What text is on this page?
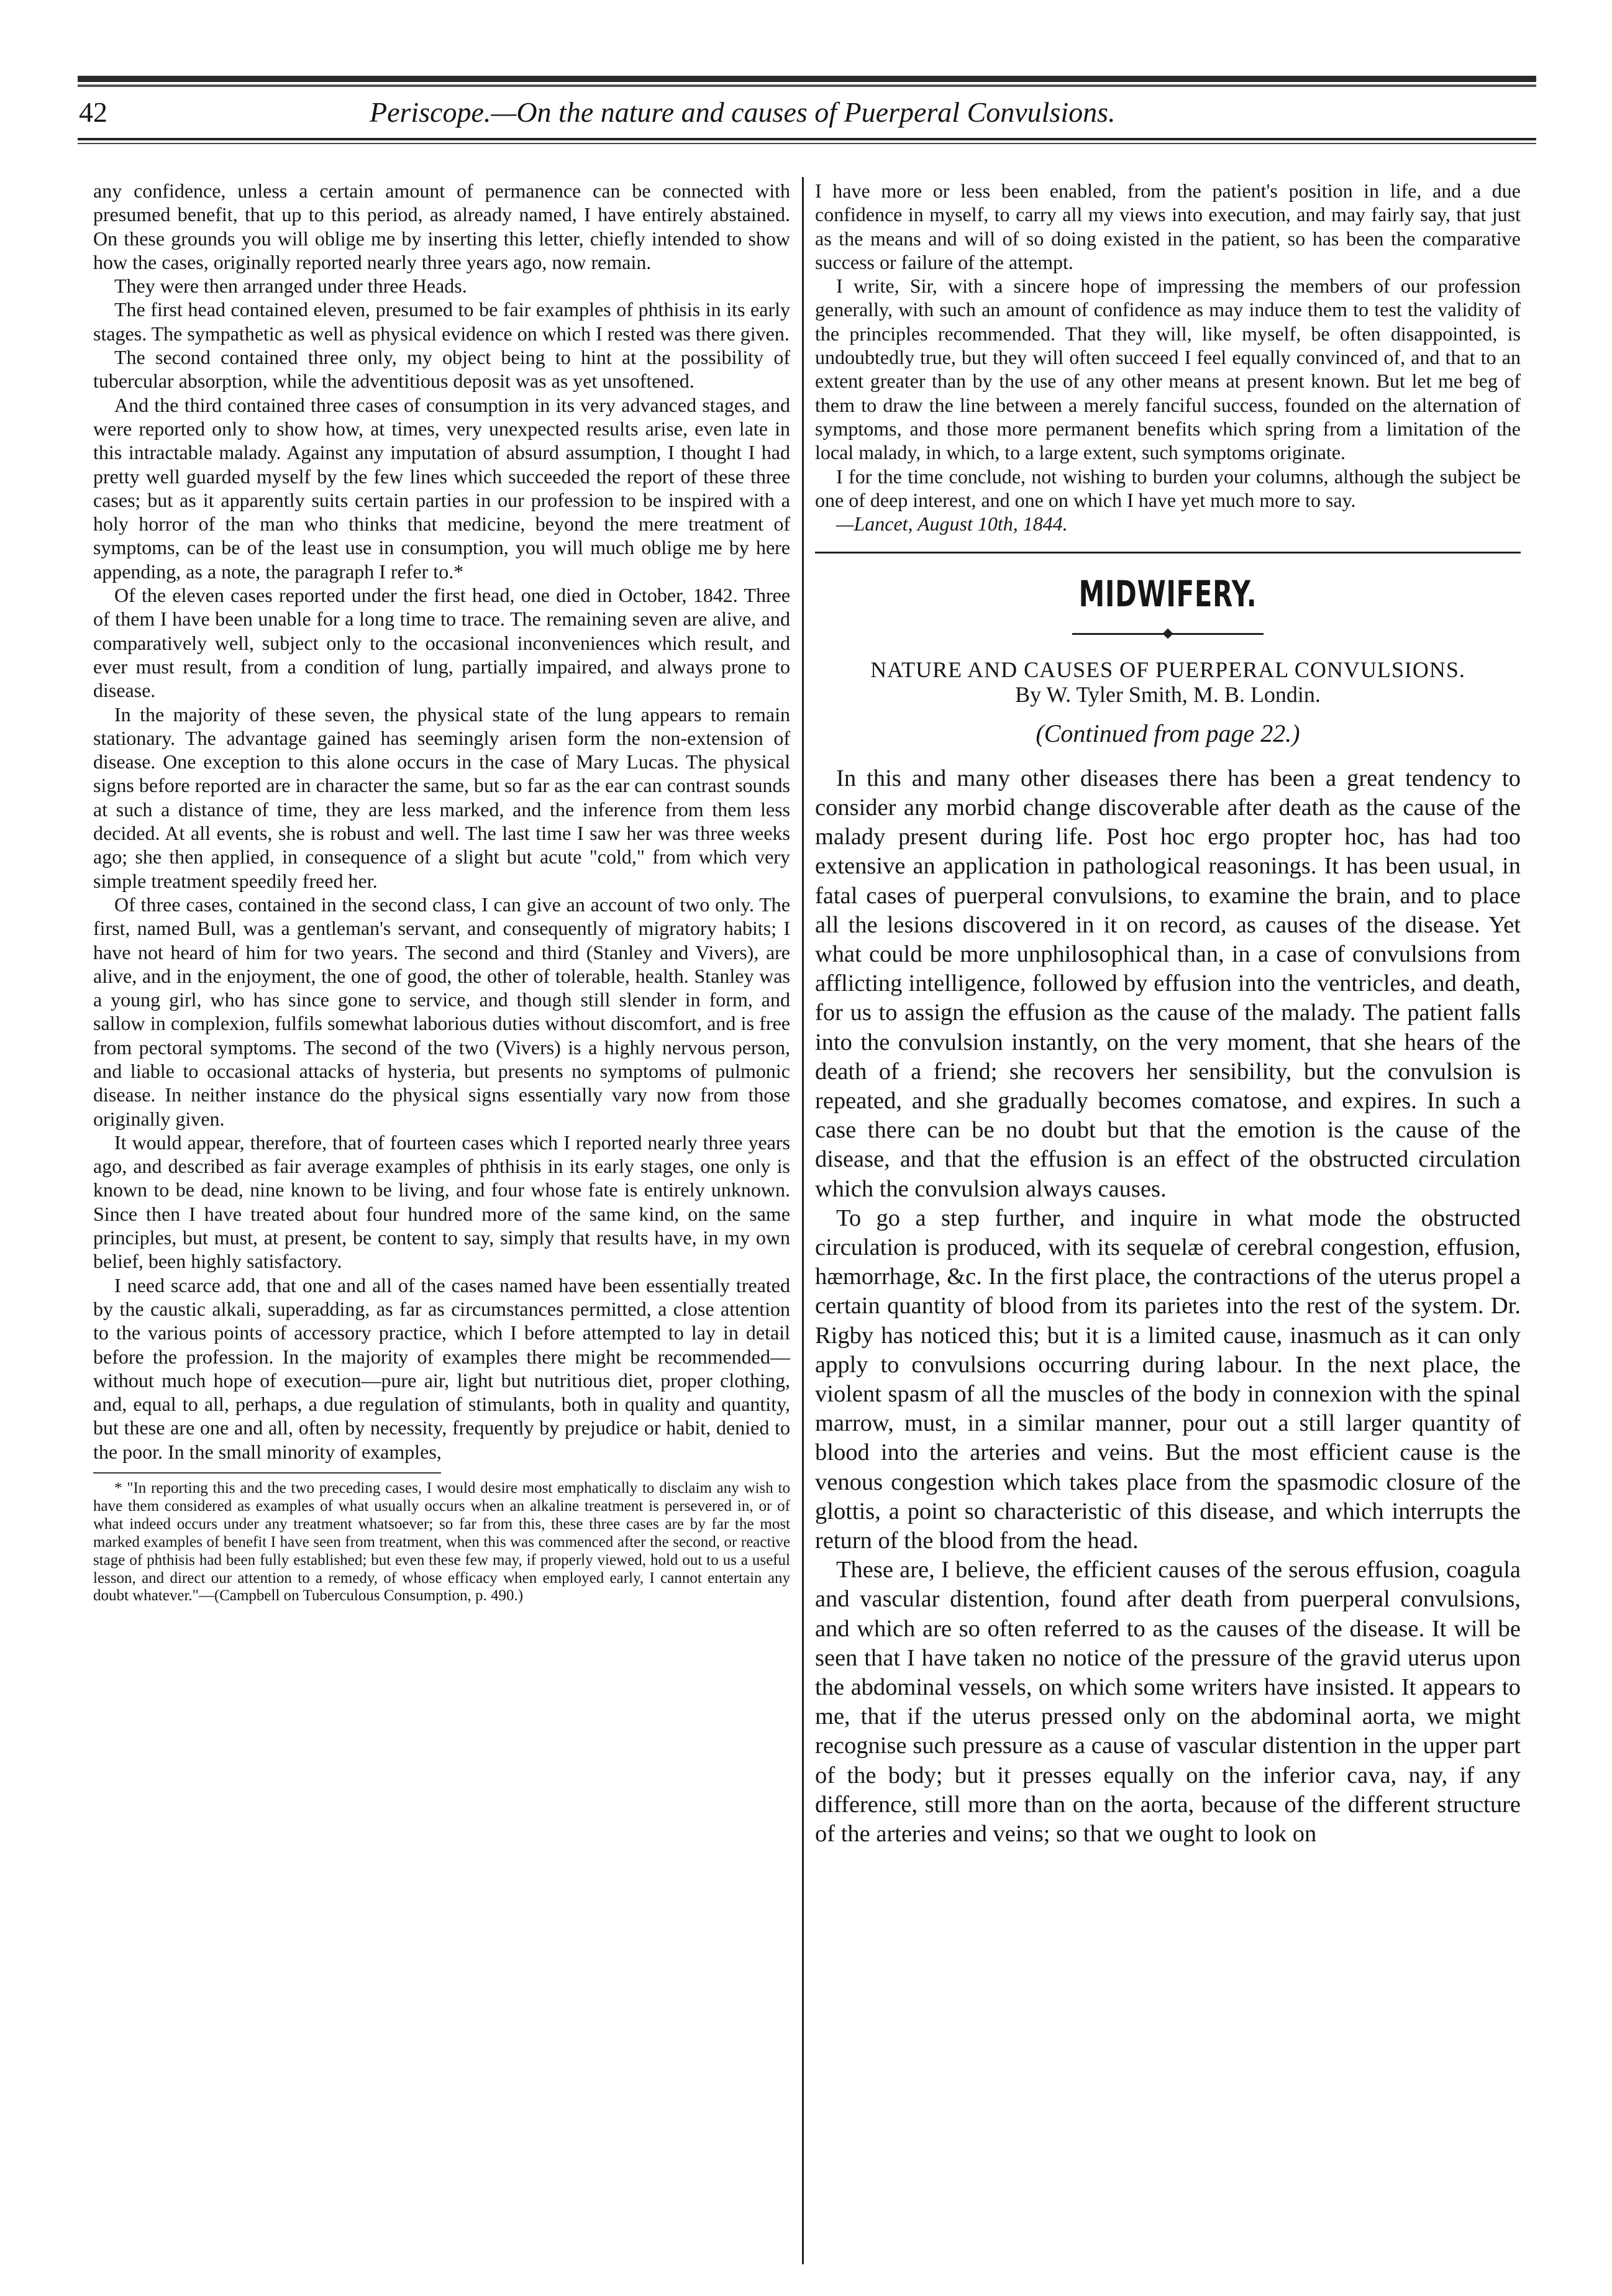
42	Periscope.—On the nature and causes of Puerperal Convulsions.

any confidence, unless a certain amount of permanence can be connected with presumed benefit, that up to this period, as already named, I have entirely abstained. On these grounds you will oblige me by inserting this letter, chiefly intended to show how the cases, originally reported nearly three years ago, now remain.

They were then arranged under three Heads.

The first head contained eleven, presumed to be fair examples of phthisis in its early stages. The sympathetic as well as physical evidence on which I rested was there given.

The second contained three only, my object being to hint at the possibility of tubercular absorption, while the adventitious deposit was as yet unsoftened.

And the third contained three cases of consumption in its very advanced stages, and were reported only to show how, at times, very unexpected results arise, even late in this intractable malady. Against any imputation of absurd assumption, I thought I had pretty well guarded myself by the few lines which succeeded the report of these three cases; but as it apparently suits certain parties in our profession to be inspired with a holy horror of the man who thinks that medicine, beyond the mere treatment of symptoms, can be of the least use in consumption, you will much oblige me by here appending, as a note, the paragraph I refer to.*

Of the eleven cases reported under the first head, one died in October, 1842. Three of them I have been unable for a long time to trace. The remaining seven are alive, and comparatively well, subject only to the occasional inconveniences which result, and ever must result, from a condition of lung, partially impaired, and always prone to disease.

In the majority of these seven, the physical state of the lung appears to remain stationary. The advantage gained has seemingly arisen form the non-extension of disease. One exception to this alone occurs in the case of Mary Lucas. The physical signs before reported are in character the same, but so far as the ear can contrast sounds at such a distance of time, they are less marked, and the inference from them less decided. At all events, she is robust and well. The last time I saw her was three weeks ago; she then applied, in consequence of a slight but acute "cold," from which very simple treatment speedily freed her.

Of three cases, contained in the second class, I can give an account of two only. The first, named Bull, was a gentleman's servant, and consequently of migratory habits; I have not heard of him for two years. The second and third (Stanley and Vivers), are alive, and in the enjoyment, the one of good, the other of tolerable, health. Stanley was a young girl, who has since gone to service, and though still slender in form, and sallow in complexion, fulfils somewhat laborious duties without discomfort, and is free from pectoral symptoms. The second of the two (Vivers) is a highly nervous person, and liable to occasional attacks of hysteria, but presents no symptoms of pulmonic disease. In neither instance do the physical signs essentially vary now from those originally given.

It would appear, therefore, that of fourteen cases which I reported nearly three years ago, and described as fair average examples of phthisis in its early stages, one only is known to be dead, nine known to be living, and four whose fate is entirely unknown. Since then I have treated about four hundred more of the same kind, on the same principles, but must, at present, be content to say, simply that results have, in my own belief, been highly satisfactory.

I need scarce add, that one and all of the cases named have been essentially treated by the caustic alkali, superadding, as far as circumstances permitted, a close attention to the various points of accessory practice, which I before attempted to lay in detail before the profession. In the majority of examples there might be recommended—without much hope of execution—pure air, light but nutritious diet, proper clothing, and, equal to all, perhaps, a due regulation of stimulants, both in quality and quantity, but these are one and all, often by necessity, frequently by prejudice or habit, denied to the poor. In the small minority of examples,

* "In reporting this and the two preceding cases, I would desire most emphatically to disclaim any wish to have them considered as examples of what usually occurs when an alkaline treatment is persevered in, or of what indeed occurs under any treatment whatsoever; so far from this, these three cases are by far the most marked examples of benefit I have seen from treatment, when this was commenced after the second, or reactive stage of phthisis had been fully established; but even these few may, if properly viewed, hold out to us a useful lesson, and direct our attention to a remedy, of whose efficacy when employed early, I cannot entertain any doubt whatever."—(Campbell on Tuberculous Consumption, p. 490.)

I have more or less been enabled, from the patient's position in life, and a due confidence in myself, to carry all my views into execution, and may fairly say, that just as the means and will of so doing existed in the patient, so has been the comparative success or failure of the attempt.

I write, Sir, with a sincere hope of impressing the members of our profession generally, with such an amount of confidence as may induce them to test the validity of the principles recommended. That they will, like myself, be often disappointed, is undoubtedly true, but they will often succeed I feel equally convinced of, and that to an extent greater than by the use of any other means at present known. But let me beg of them to draw the line between a merely fanciful success, founded on the alternation of symptoms, and those more permanent benefits which spring from a limitation of the local malady, in which, to a large extent, such symptoms originate.

I for the time conclude, not wishing to burden your columns, although the subject be one of deep interest, and one on which I have yet much more to say.

—Lancet, August 10th, 1844.

MIDWIFERY.
NATURE AND CAUSES OF PUERPERAL CONVULSIONS.
By W. Tyler Smith, M. B. Londin.
(Continued from page 22.)

In this and many other diseases there has been a great tendency to consider any morbid change discoverable after death as the cause of the malady present during life. Post hoc ergo propter hoc, has had too extensive an application in pathological reasonings. It has been usual, in fatal cases of puerperal convulsions, to examine the brain, and to place all the lesions discovered in it on record, as causes of the disease. Yet what could be more unphilosophical than, in a case of convulsions from afflicting intelligence, followed by effusion into the ventricles, and death, for us to assign the effusion as the cause of the malady. The patient falls into the convulsion instantly, on the very moment, that she hears of the death of a friend; she recovers her sensibility, but the convulsion is repeated, and she gradually becomes comatose, and expires. In such a case there can be no doubt but that the emotion is the cause of the disease, and that the effusion is an effect of the obstructed circulation which the convulsion always causes.

To go a step further, and inquire in what mode the obstructed circulation is produced, with its sequelæ of cerebral congestion, effusion, hæmorrhage, &c. In the first place, the contractions of the uterus propel a certain quantity of blood from its parietes into the rest of the system. Dr. Rigby has noticed this; but it is a limited cause, inasmuch as it can only apply to convulsions occurring during labour. In the next place, the violent spasm of all the muscles of the body in connexion with the spinal marrow, must, in a similar manner, pour out a still larger quantity of blood into the arteries and veins. But the most efficient cause is the venous congestion which takes place from the spasmodic closure of the glottis, a point so characteristic of this disease, and which interrupts the return of the blood from the head.

These are, I believe, the efficient causes of the serous effusion, coagula and vascular distention, found after death from puerperal convulsions, and which are so often referred to as the causes of the disease. It will be seen that I have taken no notice of the pressure of the gravid uterus upon the abdominal vessels, on which some writers have insisted. It appears to me, that if the uterus pressed only on the abdominal aorta, we might recognise such pressure as a cause of vascular distention in the upper part of the body; but it presses equally on the inferior cava, nay, if any difference, still more than on the aorta, because of the different structure of the arteries and veins; so that we ought to look on
